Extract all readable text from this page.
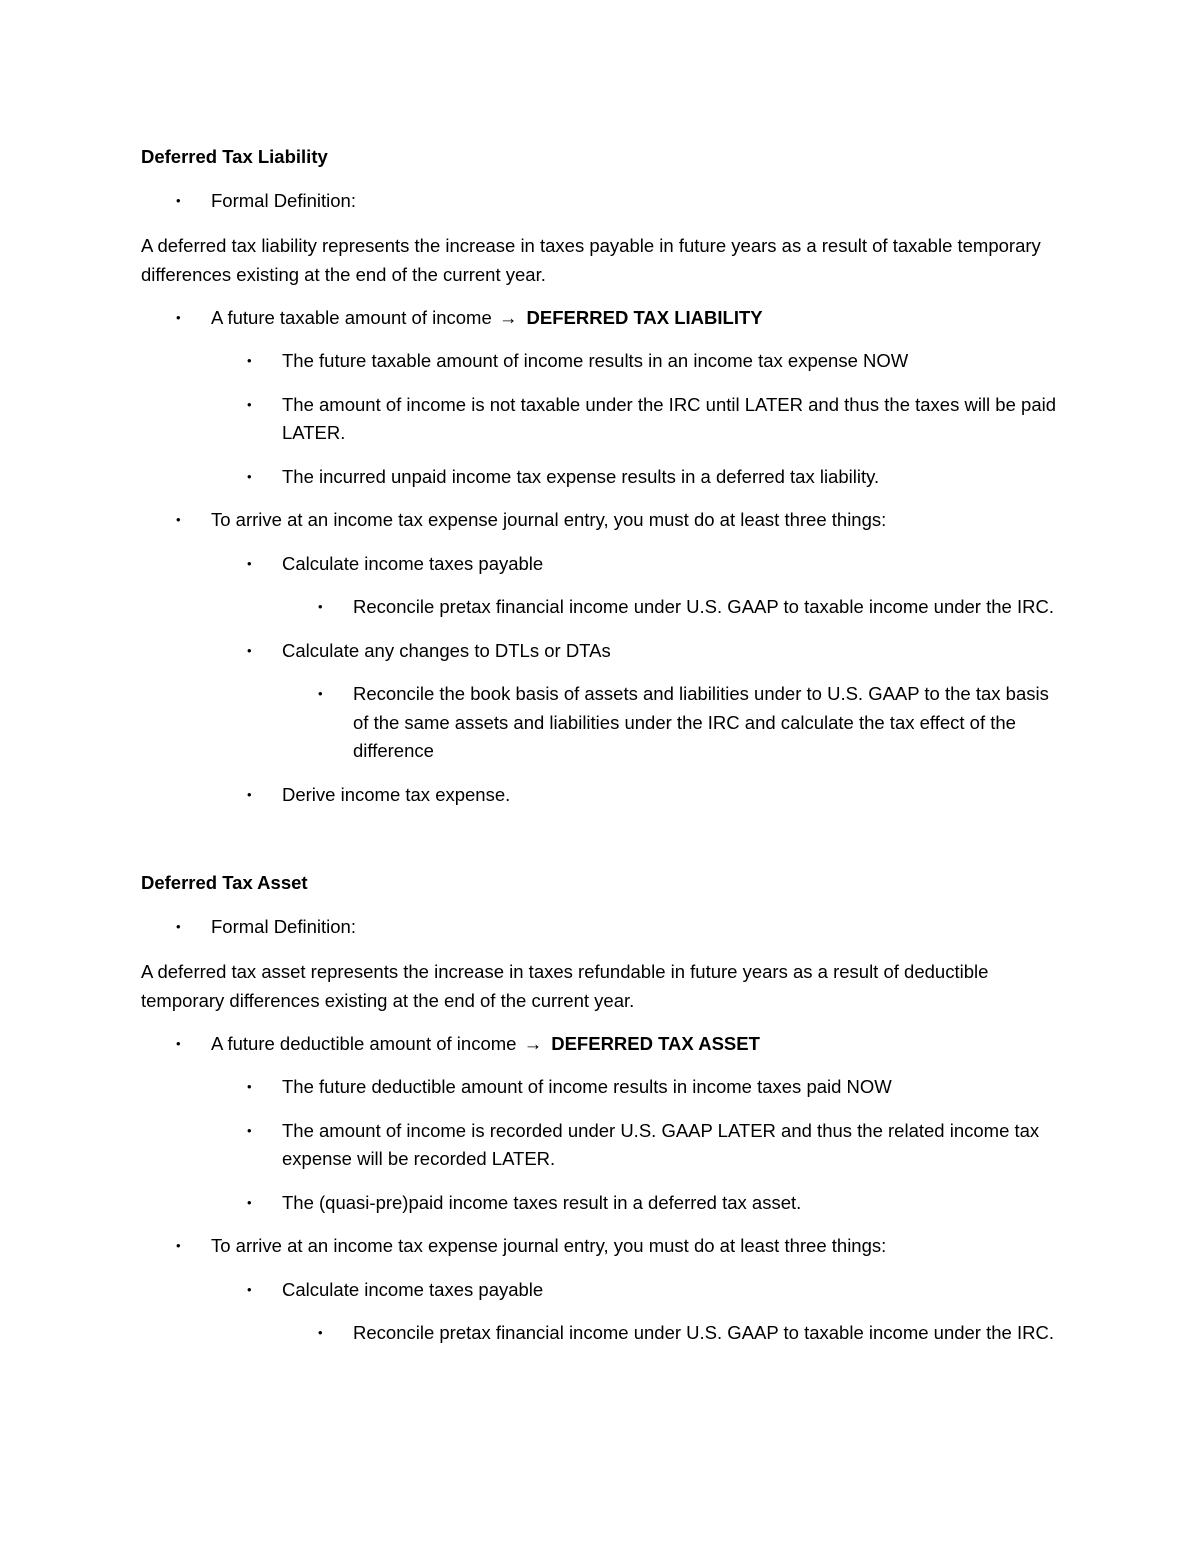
Deferred Tax Liability
• Formal Definition:
A deferred tax liability represents the increase in taxes payable in future years as a result of taxable temporary differences existing at the end of the current year.
• A future taxable amount of income → DEFERRED TAX LIABILITY
• The future taxable amount of income results in an income tax expense NOW
• The amount of income is not taxable under the IRC until LATER and thus the taxes will be paid LATER.
• The incurred unpaid income tax expense results in a deferred tax liability.
• To arrive at an income tax expense journal entry, you must do at least three things:
• Calculate income taxes payable
• Reconcile pretax financial income under U.S. GAAP to taxable income under the IRC.
• Calculate any changes to DTLs or DTAs
• Reconcile the book basis of assets and liabilities under to U.S. GAAP to the tax basis of the same assets and liabilities under the IRC and calculate the tax effect of the difference
• Derive income tax expense.
Deferred Tax Asset
• Formal Definition:
A deferred tax asset represents the increase in taxes refundable in future years as a result of deductible temporary differences existing at the end of the current year.
• A future deductible amount of income → DEFERRED TAX ASSET
• The future deductible amount of income results in income taxes paid NOW
• The amount of income is recorded under U.S. GAAP LATER and thus the related income tax expense will be recorded LATER.
• The (quasi-pre)paid income taxes result in a deferred tax asset.
• To arrive at an income tax expense journal entry, you must do at least three things:
• Calculate income taxes payable
• Reconcile pretax financial income under U.S. GAAP to taxable income under the IRC.
